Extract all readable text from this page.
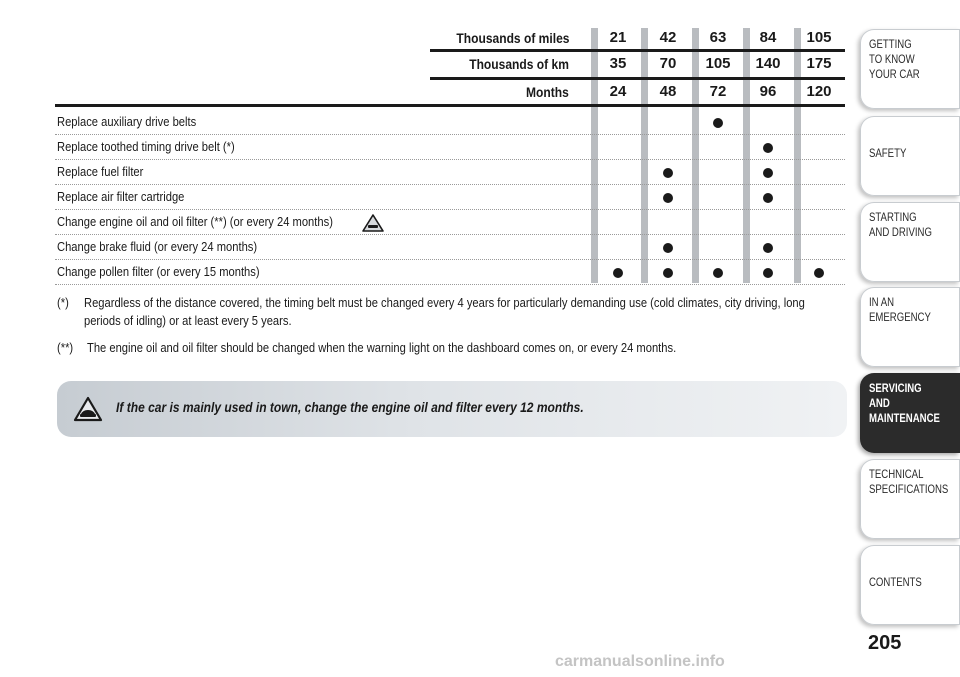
Thousands of miles
Thousands of km
Months
21
35
24
42
70
48
63
105
72
84
140
96
105
175
120
Replace auxiliary drive belts
Replace toothed timing drive belt (*)
Replace fuel filter
Replace air filter cartridge
Change engine oil and oil filter (**) (or every 24 months)
Change brake fluid (or every 24 months)
Change pollen filter (or every 15 months)
(*) Regardless of the distance covered, the timing belt must be changed every 4 years for particularly demanding use (cold climates, city driving, long periods of idling) or at least every 5 years.
(**) The engine oil and oil filter should be changed when the warning light on the dashboard comes on, or every 24 months.
If the car is mainly used in town, change the engine oil and filter every 12 months.
GETTING
TO KNOW
YOUR CAR
SAFETY
STARTING
AND DRIVING
IN AN
EMERGENCY
SERVICING AND
MAINTENANCE
TECHNICAL
SPECIFICATIONS
CONTENTS
205
carmanualsonline.info
